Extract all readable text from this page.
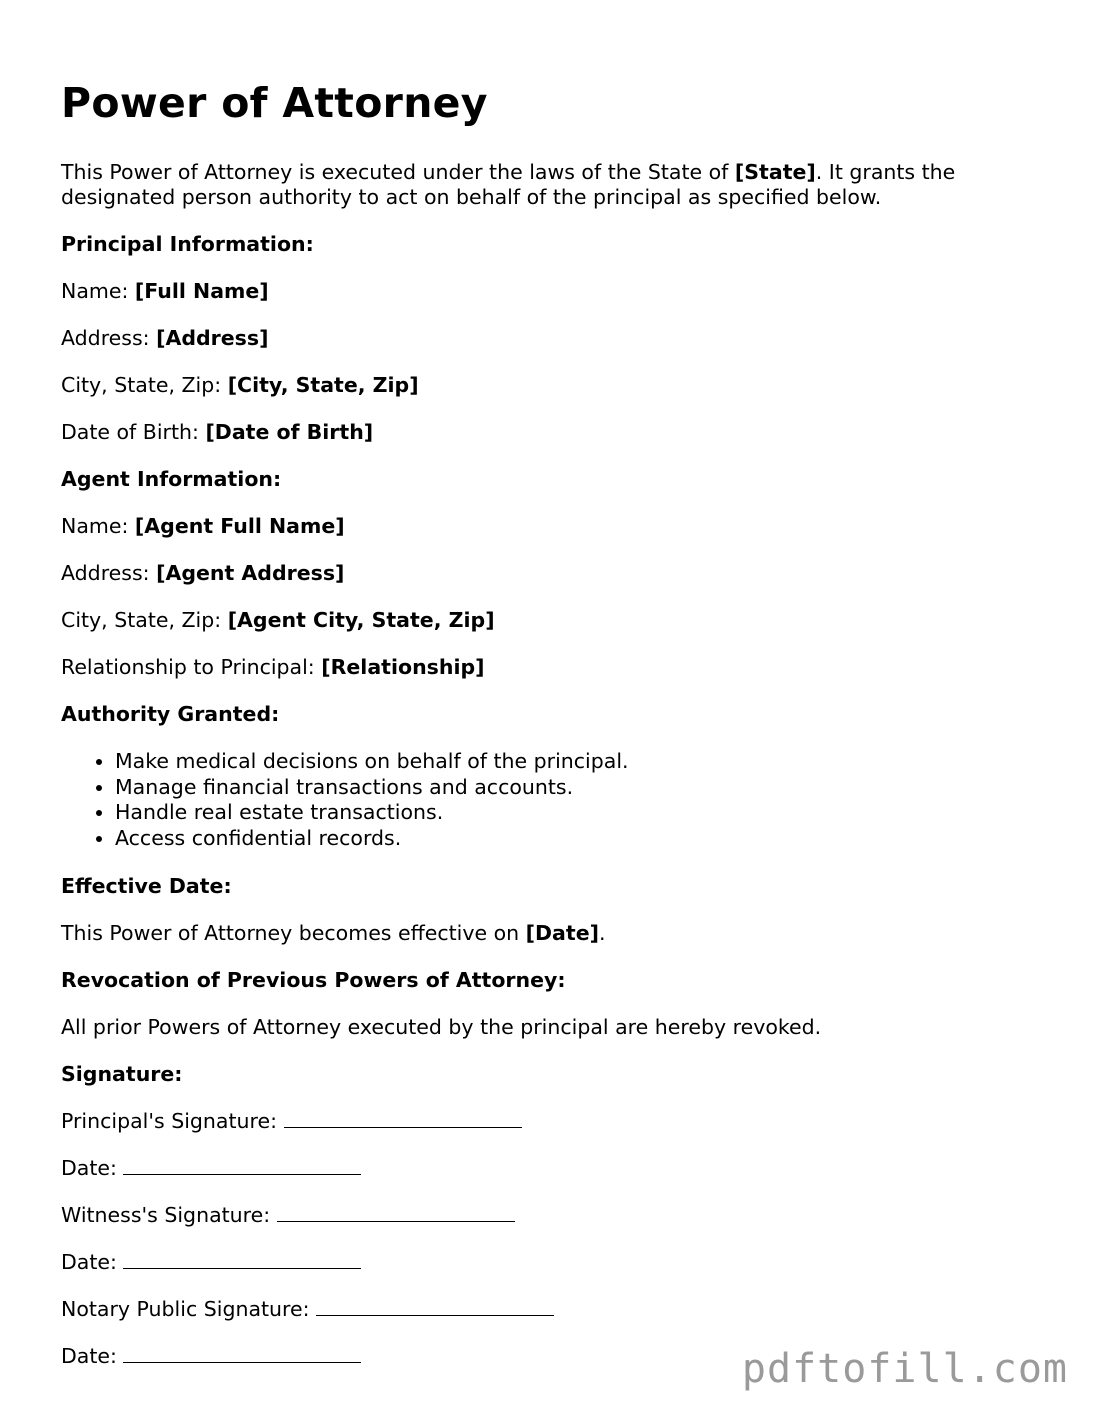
Power of Attorney

This Power of Attorney is executed under the laws of the State of [State]. It grants the designated person authority to act on behalf of the principal as specified below.

Principal Information:

Name: [Full Name]

Address: [Address]

City, State, Zip: [City, State, Zip]

Date of Birth: [Date of Birth]

Agent Information:

Name: [Agent Full Name]

Address: [Agent Address]

City, State, Zip: [Agent City, State, Zip]

Relationship to Principal: [Relationship]

Authority Granted:

• Make medical decisions on behalf of the principal.
• Manage financial transactions and accounts.
• Handle real estate transactions.
• Access confidential records.

Effective Date:

This Power of Attorney becomes effective on [Date].

Revocation of Previous Powers of Attorney:

All prior Powers of Attorney executed by the principal are hereby revoked.

Signature:

Principal's Signature:

Date:

Witness's Signature:

Date:

Notary Public Signature:

Date:	pdftofill.com
